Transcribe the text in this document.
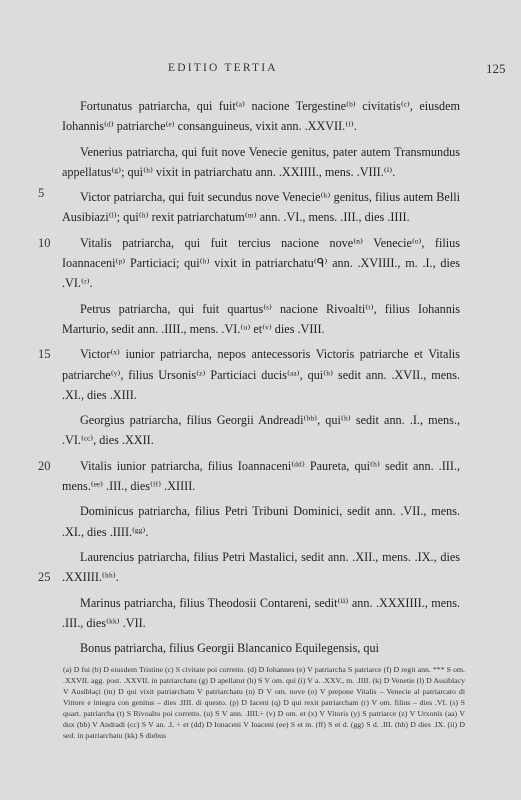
EDITIO TERTIA	125

Fortunatus patriarcha, qui fuit⁽ᵃ⁾ nacione Tergestine⁽ᵇ⁾ civitatis⁽ᶜ⁾, eiusdem Iohannis⁽ᵈ⁾ patriarche⁽ᵉ⁾ consanguineus, vixit ann. .XXVII.⁽ᶠ⁾.

5
Venerius patriarcha, qui fuit nove Venecie genitus, pater autem Transmundus appellatus⁽ᵍ⁾; qui⁽ʰ⁾ vixit in patriarchatu ann. .XXIIII., mens. .VIII.⁽ⁱ⁾.

Victor patriarcha, qui fuit secundus nove Venecie⁽ᵏ⁾ genitus, filius autem Belli Ausibiazi⁽ˡ⁾; qui⁽ʰ⁾ rexit patriarchatum⁽ᵐ⁾ ann. .VI., mens. .III., dies .IIII.

10 Vitalis patriarcha, qui fuit tercius nacione nove⁽ⁿ⁾ Venecie⁽ᵒ⁾, filius Ioannaceni⁽ᵖ⁾ Particiaci; qui⁽ʰ⁾ vixit in patriarchatu⁽ᑫ⁾ ann. .XVIIII., m. .I., dies .VI.⁽ʳ⁾.

Petrus patriarcha, qui fuit quartus⁽ˢ⁾ nacione Rivoalti⁽ᵗ⁾, filius Iohannis Marturio, sedit ann. .IIII., mens. .VI.⁽ᵘ⁾ et⁽ᵛ⁾ dies .VIII.

15 Victor⁽ˣ⁾ iunior patriarcha, nepos antecessoris Victoris patriarche et Vitalis patriarche⁽ʸ⁾, filius Ursonis⁽ᶻ⁾ Particiaci ducis⁽ᵃᵃ⁾, qui⁽ʰ⁾ sedit ann. .XVII., mens. .XI., dies .XIII.

Georgius patriarcha, filius Georgii Andreadi⁽ᵇᵇ⁾, qui⁽ʰ⁾ sedit ann. .I., mens., .VI.⁽ᶜᶜ⁾, dies .XXII.

20 Vitalis iunior patriarcha, filius Ioannaceni⁽ᵈᵈ⁾ Paureta, qui⁽ʰ⁾ sedit ann. .III., mens.⁽ᵉᵉ⁾ .III., dies⁽ᶠᶠ⁾ .XIIII.

Dominicus patriarcha, filius Petri Tribuni Dominici, sedit ann. .VII., mens. .XI., dies .IIII.⁽ᵍᵍ⁾.

25
Laurencius patriarcha, filius Petri Mastalici, sedit ann. .XII., mens. .IX., dies .XXIIII.⁽ʰʰ⁾.

Marinus patriarcha, filius Theodosii Contareni, sedit⁽ⁱⁱ⁾ ann. .XXXIIII., mens. .III., dies⁽ᵏᵏ⁾ .VII.

Bonus patriarcha, filius Georgii Blancanico Equilegensis, qui

(a) D fui (b) D eiusdem Tristine (c) S civitate poi corretto. (d) D Iohannes (e) V patriarcha S patriarce (f) D regit ann. *** S om. .XXVII. agg. post. .XXVII. in patriarchatu (g) D apellatur (h) S V om. qui (i) V a. .XXV., m. .IIII. (k) D Venetie (l) D Ausiblacy V Ausiblaçi (m) D qui vixit patriarchatu V patriarchatu (n) D V om. nove (o) V prepone Vitalis – Venecie al patriarcato di Vittore e integra con genitus – dies .IIII. di questo. (p) D Iaceni (q) D qui rexit patriarcham (r) V om. filius – dies .VI. (s) S quart. patriarcha (t) S Rivoalto poi corretto. (u) S V ann. .IIII.÷ (v) D om. et (x) V Vitoris (y) S patriarce (z) V Urxonis (aa) V dux (bb) V Andradi (cc) S V an. .I. ÷ et (dd) D Ionaceni V Ioaceni (ee) S et m. (ff) S et d. (gg) S d. .III. (hh) D dies .IX. (ii) D sed. in patriarchatu (kk) S diebus
